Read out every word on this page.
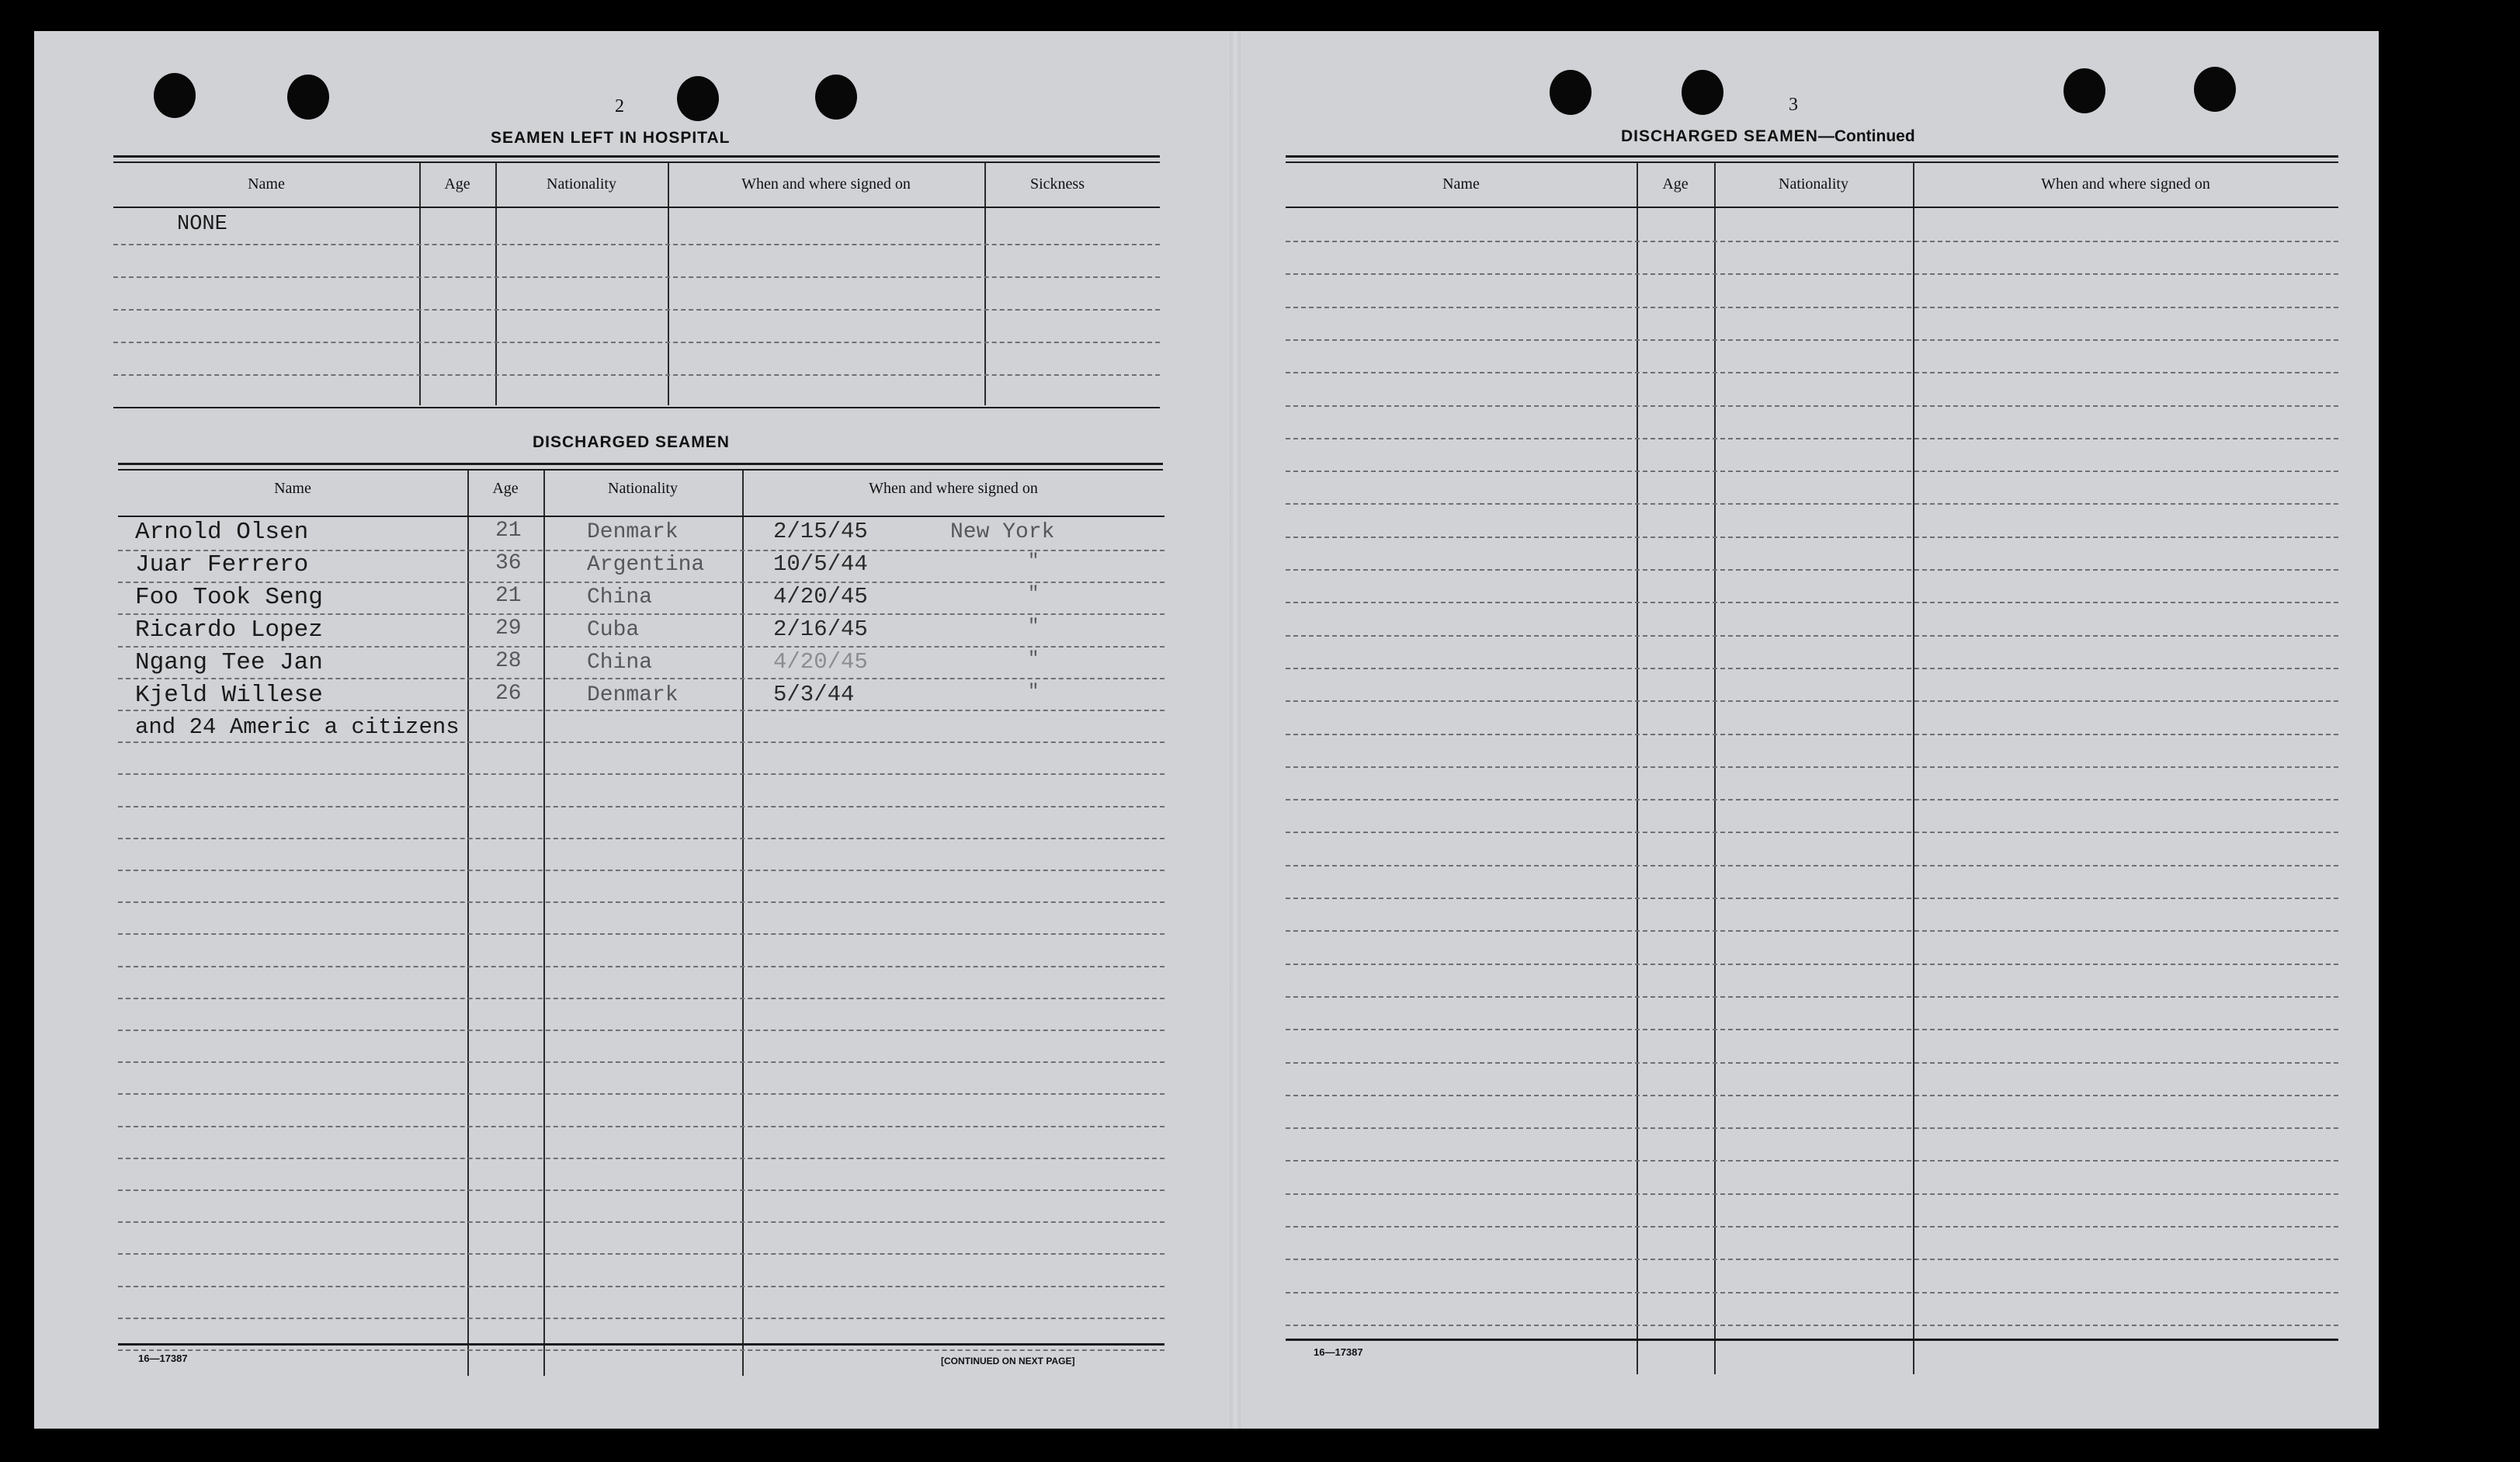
2
SEAMEN LEFT IN HOSPITAL
DISCHARGED SEAMEN
16—17387	[CONTINUED ON NEXT PAGE]
3
DISCHARGED SEAMEN—Continued
16—17387
Name	Age	Nationality	When and where signed on	Sickness
NONE
Name	Age	Nationality	When and where signed on
Arnold Olsen	21	Denmark	2/15/45	New York
Juar Ferrero	36	Argentina	10/5/44	"
Foo Took Seng	21	China	4/20/45	"
Ricardo Lopez	29	Cuba	2/16/45	"
Ngang Tee Jan	28	China	4/20/45	"
Kjeld Willese	26	Denmark	5/3/44	"
and 24 Americ a citizens
Name	Age	Nationality	When and where signed on
